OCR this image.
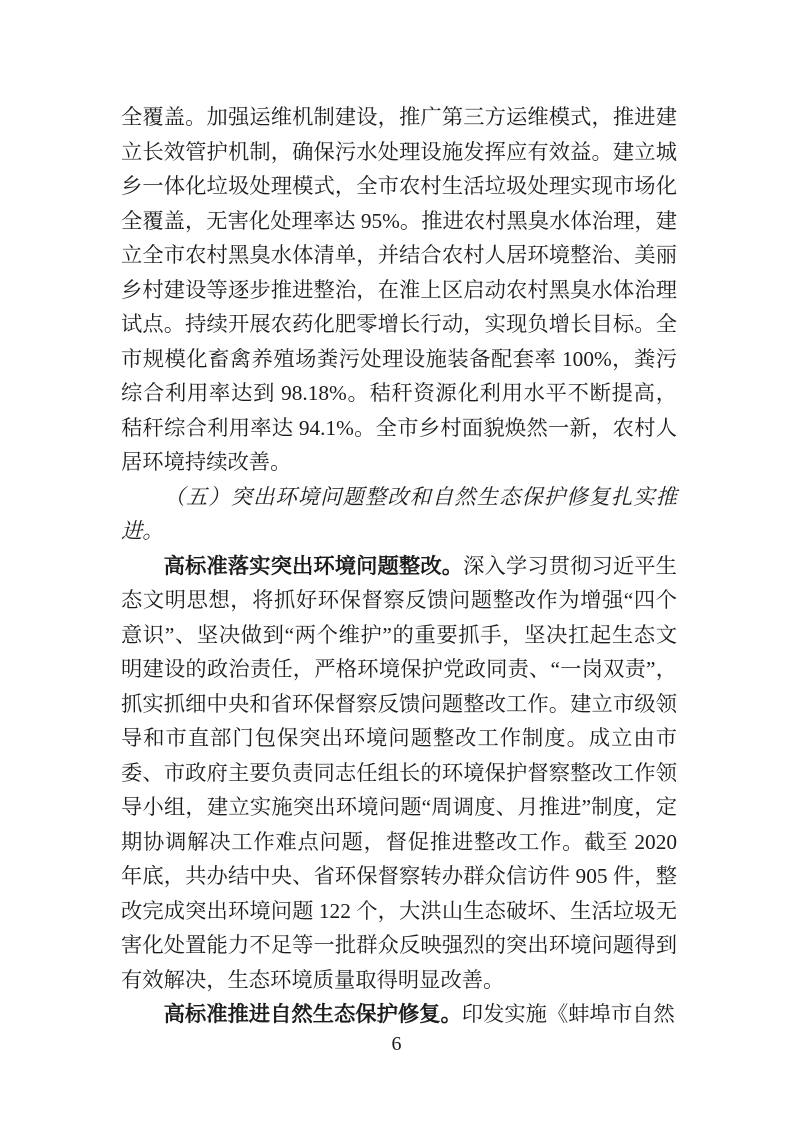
全覆盖。加强运维机制建设，推广第三方运维模式，推进建立长效管护机制，确保污水处理设施发挥应有效益。建立城乡一体化垃圾处理模式，全市农村生活垃圾处理实现市场化全覆盖，无害化处理率达 95%。推进农村黑臭水体治理，建立全市农村黑臭水体清单，并结合农村人居环境整治、美丽乡村建设等逐步推进整治，在淮上区启动农村黑臭水体治理试点。持续开展农药化肥零增长行动，实现负增长目标。全市规模化畜禽养殖场粪污处理设施装备配套率 100%，粪污综合利用率达到 98.18%。秸秆资源化利用水平不断提高，秸秆综合利用率达 94.1%。全市乡村面貌焕然一新，农村人居环境持续改善。

（五）突出环境问题整改和自然生态保护修复扎实推进。

高标准落实突出环境问题整改。深入学习贯彻习近平生态文明思想，将抓好环保督察反馈问题整改作为增强“四个意识”、坚决做到“两个维护”的重要抓手，坚决扛起生态文明建设的政治责任，严格环境保护党政同责、“一岗双责”，抓实抓细中央和省环保督察反馈问题整改工作。建立市级领导和市直部门包保突出环境问题整改工作制度。成立由市委、市政府主要负责同志任组长的环境保护督察整改工作领导小组，建立实施突出环境问题“周调度、月推进”制度，定期协调解决工作难点问题，督促推进整改工作。截至 2020 年底，共办结中央、省环保督察转办群众信访件 905 件，整改完成突出环境问题 122 个，大洪山生态破坏、生活垃圾无害化处置能力不足等一批群众反映强烈的突出环境问题得到有效解决，生态环境质量取得明显改善。

高标准推进自然生态保护修复。印发实施《蚌埠市自然

6
